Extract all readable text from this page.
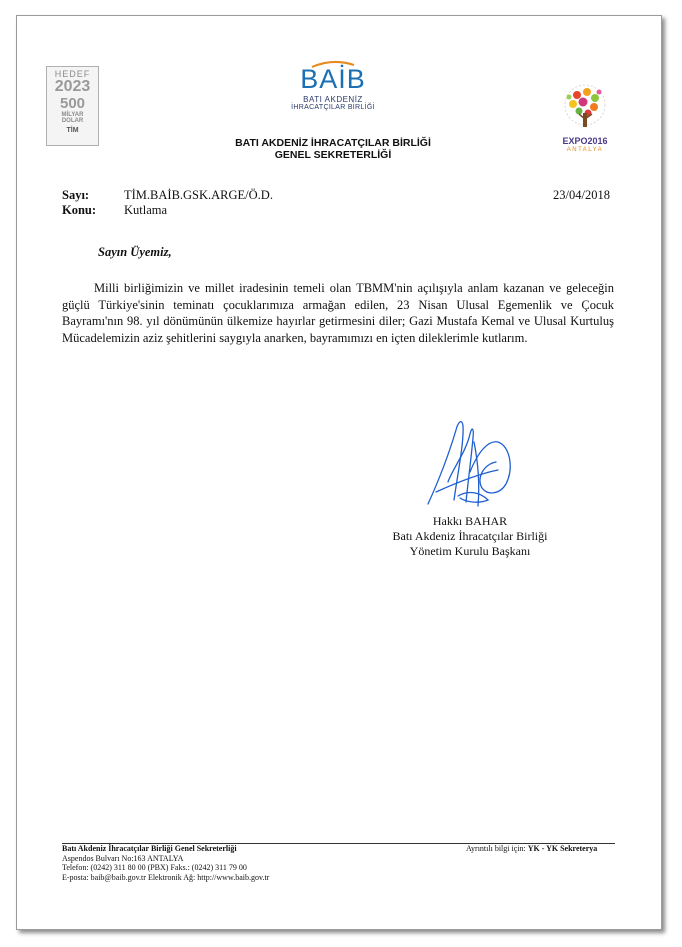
HEDEF
2023
500
MİLYAR
DOLAR
TİM
BAİB
BATI AKDENİZ
İHRACATÇILAR BİRLİĞİ
BATI AKDENİZ İHRACATÇILAR BİRLİĞİ
GENEL SEKRETERLİĞİ
EXPO2016
ANTALYA
Sayı:	TİM.BAİB.GSK.ARGE/Ö.D.	23/04/2018
Konu: Kutlama
Sayın Üyemiz,
Milli birliğimizin ve millet iradesinin temeli olan TBMM'nin açılışıyla anlam kazanan ve geleceğin güçlü Türkiye'sinin teminatı çocuklarımıza armağan edilen, 23 Nisan Ulusal Egemenlik ve Çocuk Bayramı'nın 98. yıl dönümünün ülkemize hayırlar getirmesini diler; Gazi Mustafa Kemal ve Ulusal Kurtuluş Mücadelemizin aziz şehitlerini saygıyla anarken, bayramımızı en içten dileklerimle kutlarım.
Hakkı BAHAR
Batı Akdeniz İhracatçılar Birliği
Yönetim Kurulu Başkanı
Batı Akdeniz İhracatçılar Birliği Genel Sekreterliği
Aspendos Bulvarı No:163 ANTALYA
Telefon: (0242) 311 80 00 (PBX) Faks.: (0242) 311 79 00
E-posta: baib@baib.gov.tr Elektronik Ağ: http://www.baib.gov.tr
Ayrıntılı bilgi için: YK - YK Sekreterya
